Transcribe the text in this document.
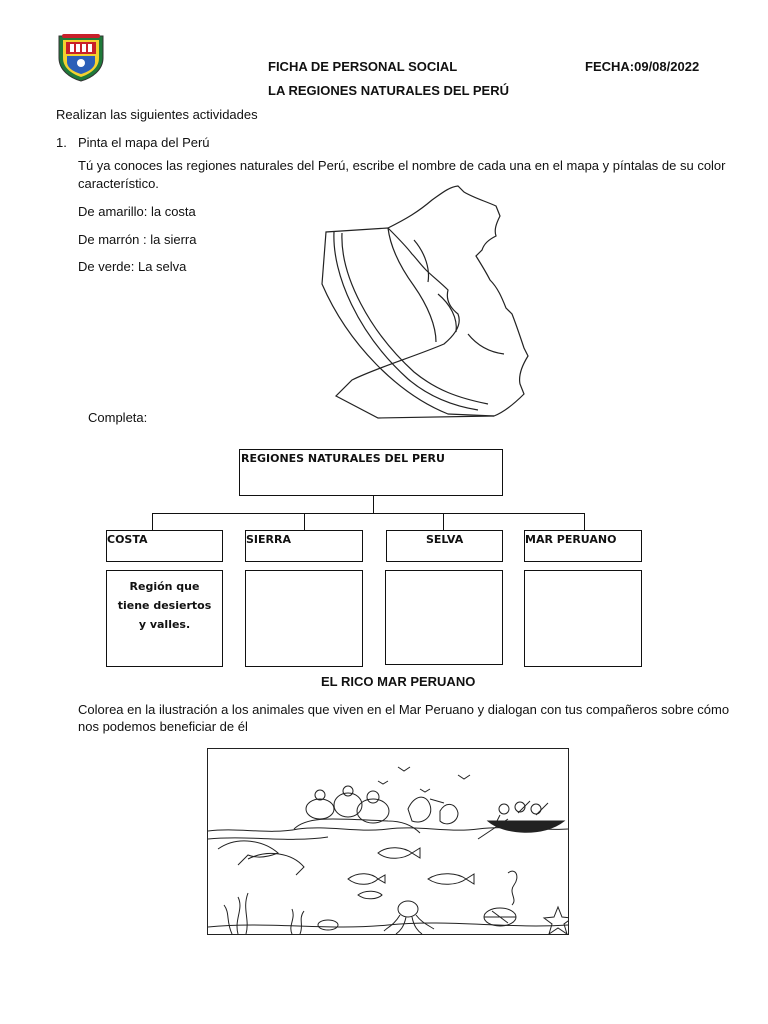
FICHA DE PERSONAL SOCIAL	FECHA:09/08/2022
LA REGIONES NATURALES DEL PERÚ
Realizan las siguientes actividades
1. Pinta el mapa del Perú
Tú ya conoces las regiones naturales del Perú, escribe el nombre de cada una en el mapa y píntalas de su color
característico.
De amarillo: la costa
De marrón : la sierra
De verde: La selva
Completa:
REGIONES NATURALES DEL PERU
COSTA	SIERRA	SELVA	MAR PERUANO
Región que tiene desiertos y valles.
EL RICO MAR PERUANO
Colorea en la ilustración a los animales que viven en el Mar Peruano y dialogan con tus compañeros sobre cómo
nos podemos beneficiar de él
